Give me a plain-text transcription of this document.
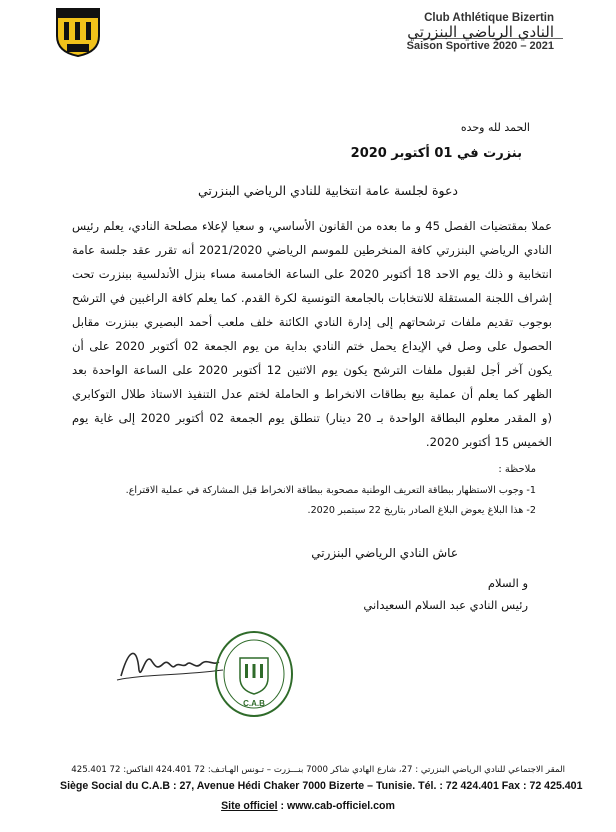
Club Athlétique Bizertin
النادي الرياضي البنزرتي
Saison Sportive 2020 – 2021
الحمد لله وحده
بنزرت في 01 أكتوبر 2020
دعوة لجلسة عامة انتخابية للنادي الرياضي البنزرتي
عملا بمقتضيات الفصل 45 و ما بعده من القانون الأساسي، و سعيا لإعلاء مصلحة النادي، يعلم رئيس
النادي الرياضي البنزرتي كافة المنخرطين للموسم الرياضي 2021/2020 أنه تقرر عقد جلسة عامة
انتخابية و ذلك يوم الاحد 18 أكتوبر 2020 على الساعة الخامسة مساء بنزل الأندلسية ببنزرت تحت
إشراف اللجنة المستقلة للانتخابات بالجامعة التونسية لكرة القدم. كما يعلم كافة الراغبين في الترشح
بوجوب تقديم ملفات ترشحاتهم إلى إدارة النادي الكائنة خلف ملعب أحمد البصيري ببنزرت مقابل
الحصول على وصل في الإيداع يحمل ختم النادي بداية من يوم الجمعة 02 أكتوبر 2020 على أن
يكون آخر أجل لقبول ملفات الترشح يكون يوم الاثنين 12 أكتوبر 2020 على الساعة الواحدة بعد
الظهر كما يعلم أن عملية بيع بطاقات الانخراط و الحاملة لختم عدل التنفيذ الاستاذ طلال التوكابري
(و المقدر معلوم البطاقة الواحدة بـ 20 دينار) تنطلق يوم الجمعة 02 أكتوبر 2020 إلى غاية يوم
الخميس 15 أكتوبر 2020.
ملاحظة :
1- وجوب الاستظهار ببطاقة التعريف الوطنية مصحوبة ببطاقة الانخراط قبل المشاركة في عملية الاقتراع.
2- هذا البلاغ يعوض البلاغ الصادر بتاريخ 22 سبتمبر 2020.
عاش النادي الرياضي البنزرتي
و السلام
رئيس النادي عبد السلام السعيداني
C.A.B
المقر الاجتماعي للنادي الرياضي البنزرتي : 27، شارع الهادي شاكر 7000 بنـــزرت – تـونس الهـاتـف: 72 424.401 الفاكس: 72 425.401
Siège Social du C.A.B : 27, Avenue Hédi Chaker 7000 Bizerte – Tunisie. Tél. : 72 424.401 Fax : 72 425.401
Site officiel : www.cab-officiel.com
